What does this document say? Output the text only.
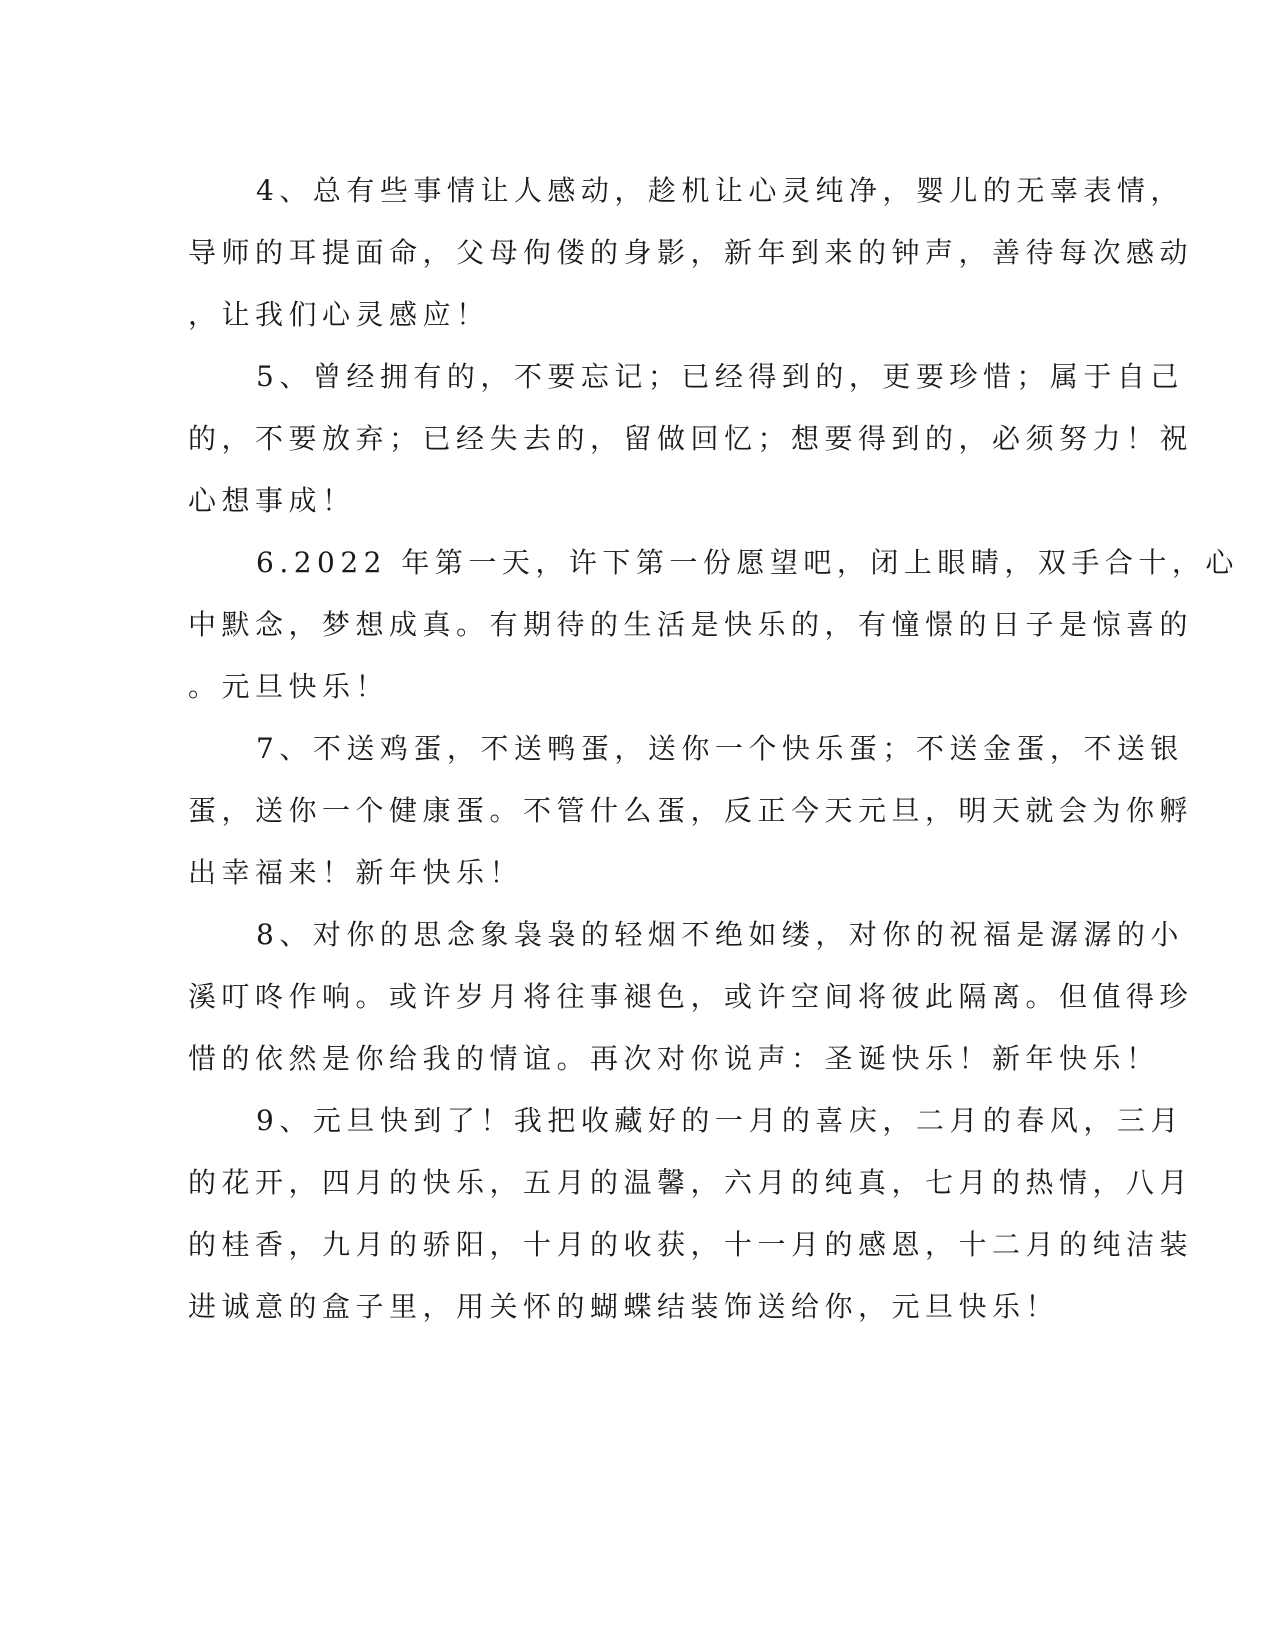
4、总有些事情让人感动，趁机让心灵纯净，婴儿的无辜表情，
导师的耳提面命，父母佝偻的身影，新年到来的钟声，善待每次感动
，让我们心灵感应！
5、曾经拥有的，不要忘记；已经得到的，更要珍惜；属于自己
的，不要放弃；已经失去的，留做回忆；想要得到的，必须努力！祝
心想事成！
6.2022 年第一天，许下第一份愿望吧，闭上眼睛，双手合十，心
中默念，梦想成真。有期待的生活是快乐的，有憧憬的日子是惊喜的
。元旦快乐！
7、不送鸡蛋，不送鸭蛋，送你一个快乐蛋；不送金蛋，不送银
蛋，送你一个健康蛋。不管什么蛋，反正今天元旦，明天就会为你孵
出幸福来！新年快乐！
8、对你的思念象袅袅的轻烟不绝如缕，对你的祝福是潺潺的小
溪叮咚作响。或许岁月将往事褪色，或许空间将彼此隔离。但值得珍
惜的依然是你给我的情谊。再次对你说声：圣诞快乐！新年快乐！
9、元旦快到了！我把收藏好的一月的喜庆，二月的春风，三月
的花开，四月的快乐，五月的温馨，六月的纯真，七月的热情，八月
的桂香，九月的骄阳，十月的收获，十一月的感恩，十二月的纯洁装
进诚意的盒子里，用关怀的蝴蝶结装饰送给你，元旦快乐！
